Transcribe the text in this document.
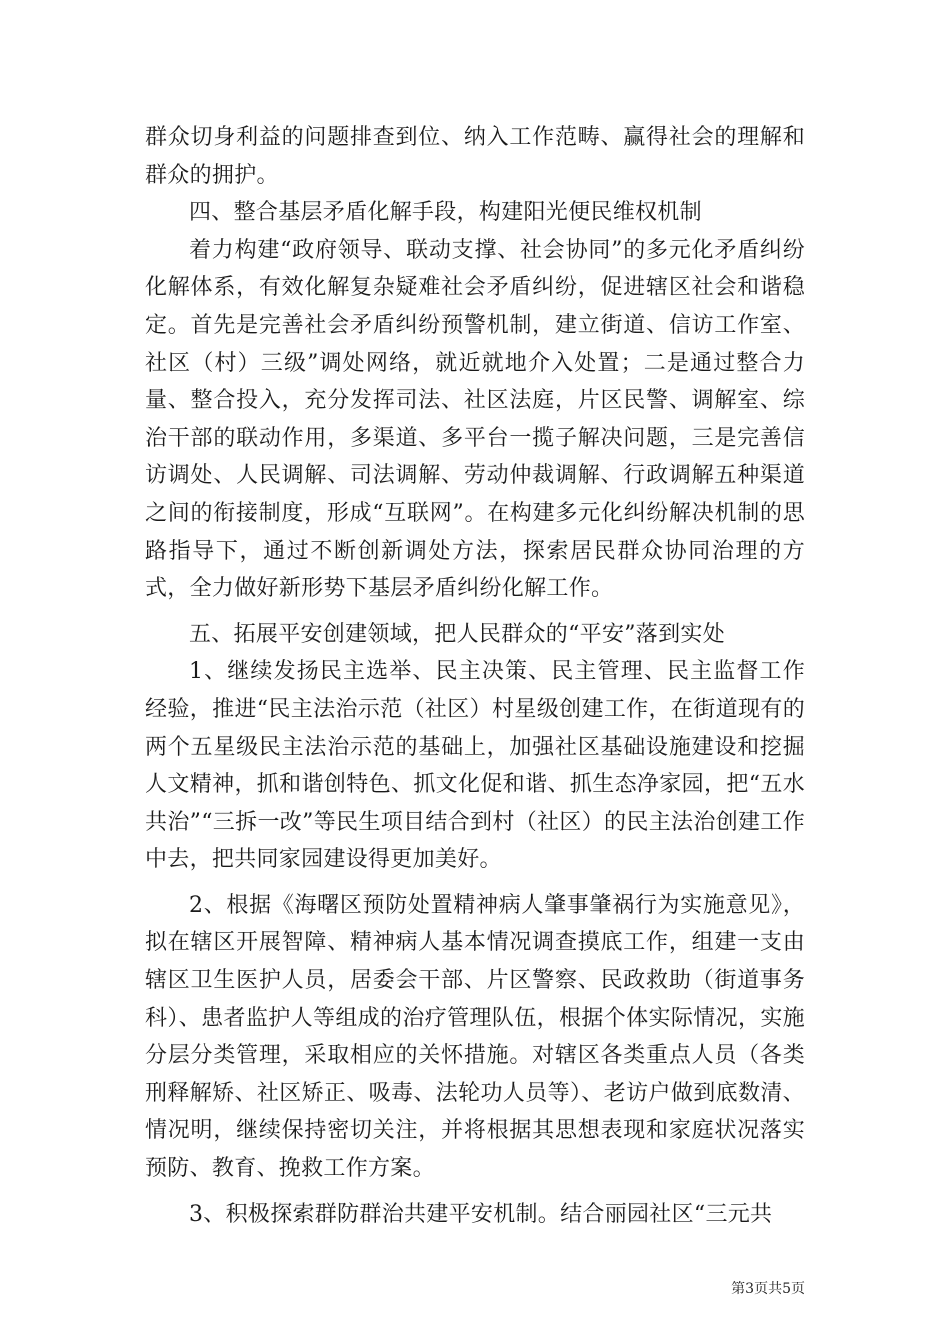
群众切身利益的问题排查到位、纳入工作范畴、赢得社会的理解和群众的拥护。

四、整合基层矛盾化解手段，构建阳光便民维权机制

着力构建“政府领导、联动支撑、社会协同”的多元化矛盾纠纷化解体系，有效化解复杂疑难社会矛盾纠纷，促进辖区社会和谐稳定。首先是完善社会矛盾纠纷预警机制，建立街道、信访工作室、社区（村）三级”调处网络，就近就地介入处置；二是通过整合力量、整合投入，充分发挥司法、社区法庭，片区民警、调解室、综治干部的联动作用，多渠道、多平台一揽子解决问题，三是完善信访调处、人民调解、司法调解、劳动仲裁调解、行政调解五种渠道之间的衔接制度，形成“互联网”。在构建多元化纠纷解决机制的思路指导下，通过不断创新调处方法，探索居民群众协同治理的方式，全力做好新形势下基层矛盾纠纷化解工作。

五、拓展平安创建领域，把人民群众的“平安”落到实处

1、继续发扬民主选举、民主决策、民主管理、民主监督工作经验，推进“民主法治示范（社区）村星级创建工作，在街道现有的两个五星级民主法治示范的基础上，加强社区基础设施建设和挖掘人文精神，抓和谐创特色、抓文化促和谐、抓生态净家园，把“五水共治”“三拆一改”等民生项目结合到村（社区）的民主法治创建工作中去，把共同家园建设得更加美好。

2、根据《海曙区预防处置精神病人肇事肇祸行为实施意见》，拟在辖区开展智障、精神病人基本情况调查摸底工作，组建一支由辖区卫生医护人员，居委会干部、片区警察、民政救助（街道事务科）、患者监护人等组成的治疗管理队伍，根据个体实际情况，实施分层分类管理，采取相应的关怀措施。对辖区各类重点人员（各类刑释解矫、社区矫正、吸毒、法轮功人员等）、老访户做到底数清、情况明，继续保持密切关注，并将根据其思想表现和家庭状况落实预防、教育、挽救工作方案。

3、积极探索群防群治共建平安机制。结合丽园社区“三元共

第3页共5页
